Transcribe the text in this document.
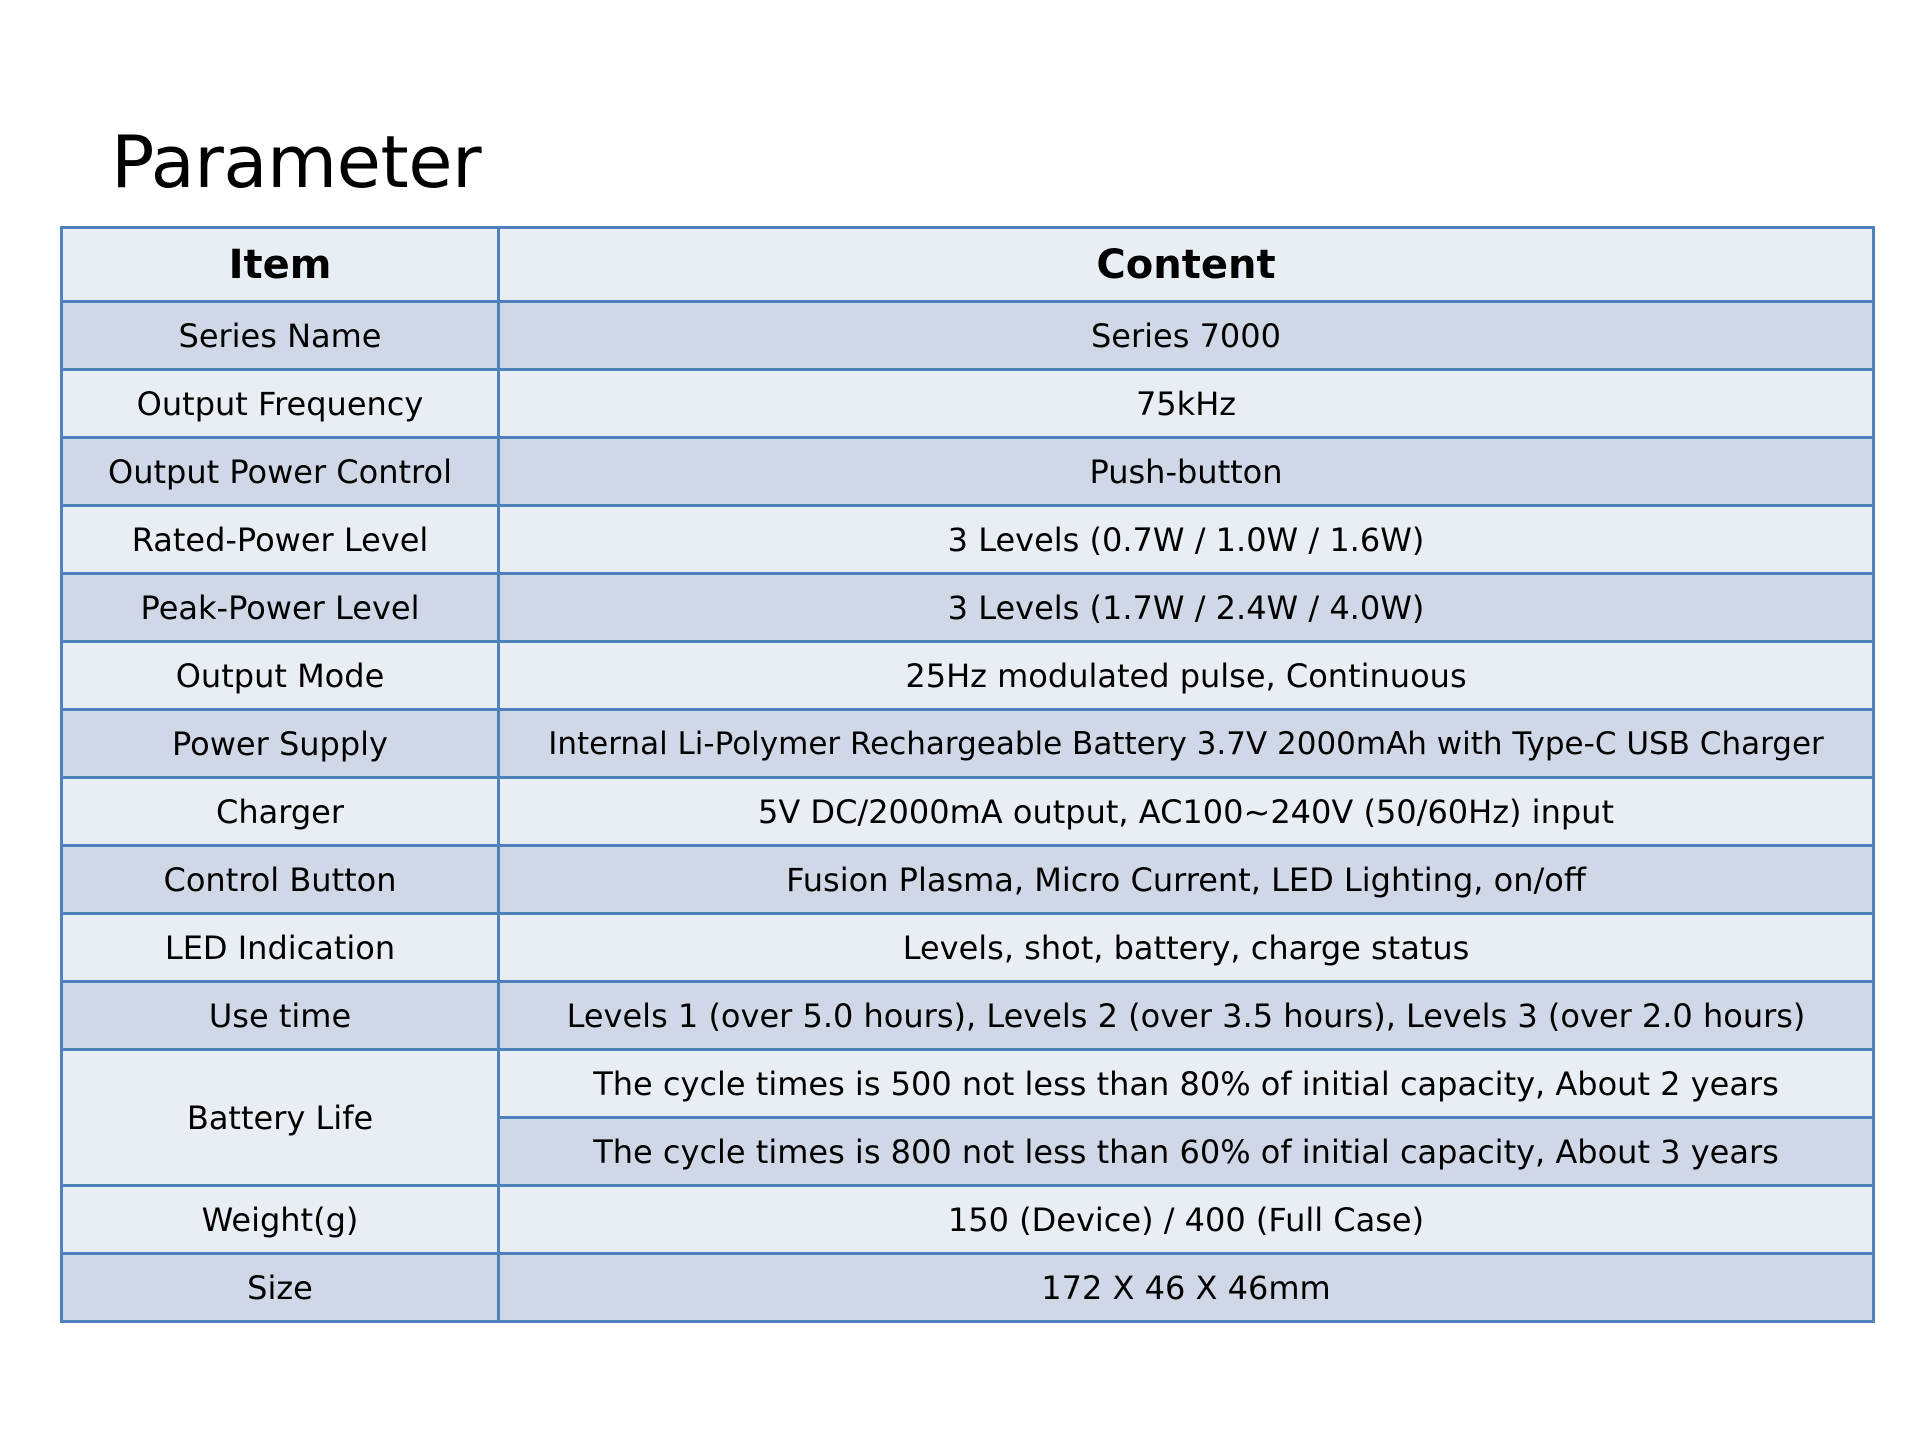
Parameter
Item	Content
Series Name	Series 7000
Output Frequency	75kHz
Output Power Control	Push-button
Rated-Power Level	3 Levels (0.7W / 1.0W / 1.6W)
Peak-Power Level	3 Levels (1.7W / 2.4W / 4.0W)
Output Mode	25Hz modulated pulse, Continuous
Power Supply	Internal Li-Polymer Rechargeable Battery 3.7V 2000mAh with Type-C USB Charger
Charger	5V DC/2000mA output, AC100~240V (50/60Hz) input
Control Button	Fusion Plasma, Micro Current, LED Lighting, on/off
LED Indication	Levels, shot, battery, charge status
Use time	Levels 1 (over 5.0 hours), Levels 2 (over 3.5 hours), Levels 3 (over 2.0 hours)
Battery Life	The cycle times is 500 not less than 80% of initial capacity, About 2 years
	The cycle times is 800 not less than 60% of initial capacity, About 3 years
Weight(g)	150 (Device) / 400 (Full Case)
Size	172 X 46 X 46mm
